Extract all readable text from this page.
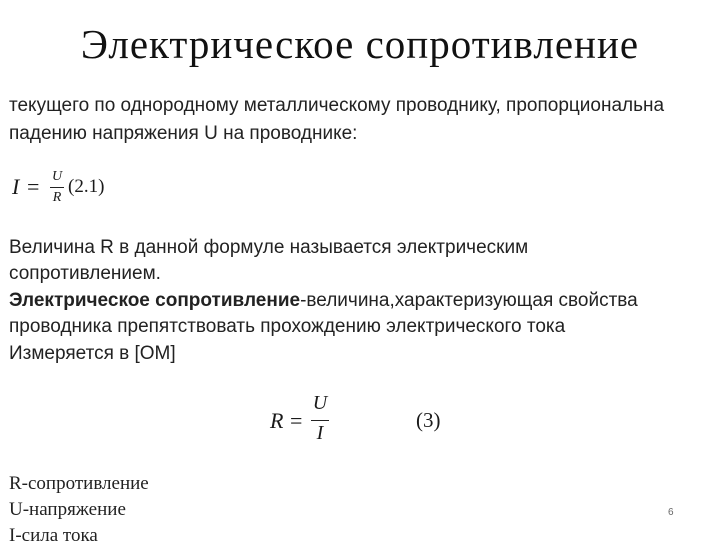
Электрическое сопротивление
текущего по однородному металлическому проводнику, пропорциональна
падению напряжения U на проводнике:
I = U
R
(2.1)
Величина R в данной формуле называется электрическим
сопротивлением.
Электрическое сопротивление-величина,характеризующая свойства
проводника препятствовать прохождению электрического тока
Измеряется в [ОМ]
R =
U
I
(3)
R-сопротивление
U-напряжение
I-сила тока
6
